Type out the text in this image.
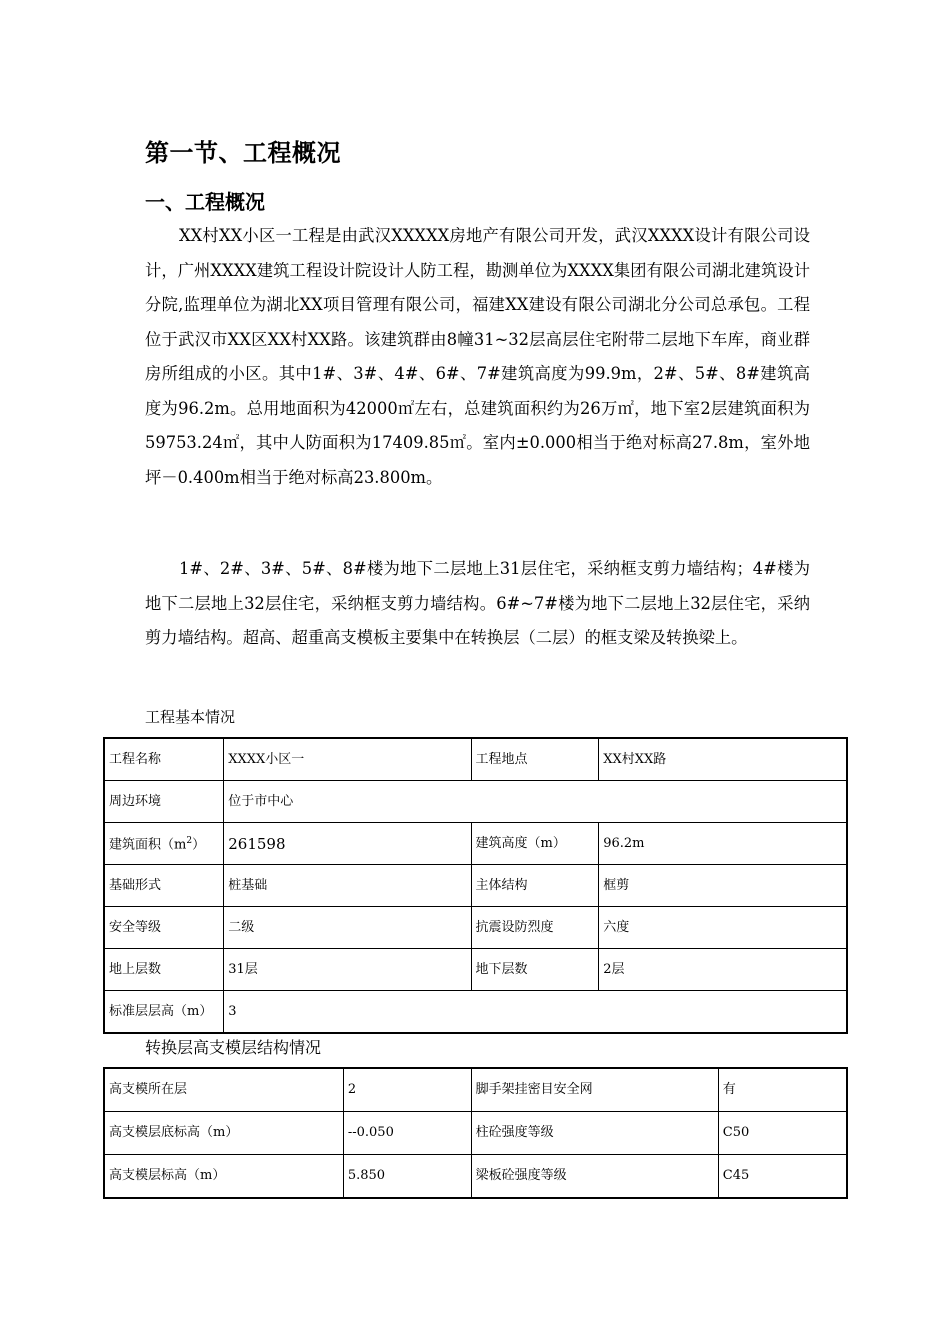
第一节、工程概况
一、工程概况
XX村XX小区一工程是由武汉XXXXX房地产有限公司开发，武汉XXXX设计有限公司设计，广州XXXX建筑工程设计院设计人防工程，勘测单位为XXXX集团有限公司湖北建筑设计分院,监理单位为湖北XX项目管理有限公司，福建XX建设有限公司湖北分公司总承包。工程位于武汉市XX区XX村XX路。该建筑群由8幢31~32层高层住宅附带二层地下车库，商业群房所组成的小区。其中1#、3#、4#、6#、7#建筑高度为99.9m，2#、5#、8#建筑高度为96.2m。总用地面积为42000㎡左右，总建筑面积约为26万㎡，地下室2层建筑面积为59753.24㎡，其中人防面积为17409.85㎡。室内±0.000相当于绝对标高27.8m，室外地坪－0.400m相当于绝对标高23.800m。
1#、2#、3#、5#、8#楼为地下二层地上31层住宅，采纳框支剪力墙结构；4#楼为地下二层地上32层住宅，采纳框支剪力墙结构。6#~7#楼为地下二层地上32层住宅，采纳剪力墙结构。超高、超重高支模板主要集中在转换层（二层）的框支梁及转换梁上。
工程基本情况
工程名称	XXXX小区一	工程地点	XX村XX路
周边环境	位于市中心		
建筑面积$(m^2)$	261598	建筑高度（m）	96.2m
基础形式	桩基础	主体结构	框剪
安全等级	二级	抗震设防烈度	六度
地上层数	31层	地下层数	2层
标准层层高（m）	3		
转换层高支模层结构情况
高支模所在层	2	脚手架挂密目安全网	有
高支模层底标高（m）	--0.050	柱砼强度等级	C50
高支模层标高（m）	5.850	梁板砼强度等级	C45
